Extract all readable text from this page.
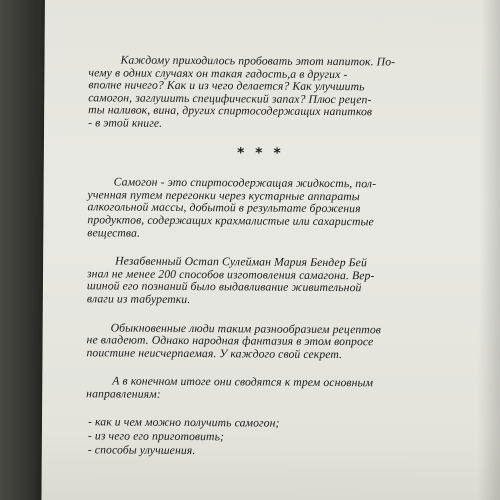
Каждому приходилось пробовать этот напиток. По-
чему в одних случаях он такая гадость,а в других -
вполне ничего? Как и из чего делается? Как улучшить
самогон, заглушить специфический запах? Плюс рецеп-
ты наливок, вина, других спиртосодержащих напитков
- в этой книге.
* * *
Самогон - это спиртосодержащая жидкость, пол-
ученная путем перегонки через кустарные аппараты
алкогольной массы, добытой в результате брожения
продуктов, содержащих крахмалистые или сахаристые
вещества.
Незабвенный Остап Сулейман Мария Бендер Бей
знал не менее 200 способов изготовления самагона. Вер-
шиной его познаний было выдавливание живительной
влаги из табуретки.
Обыкновенные люди таким разнообразием рецептов
не владеют. Однако народная фантазия в этом вопросе
поистине неисчерпаемая. У каждого свой секрет.
А в конечном итоге они сводятся к трем основным
направлениям:
- как и чем можно получить самогон;
- из чего его приготовить;
- способы улучшения.
